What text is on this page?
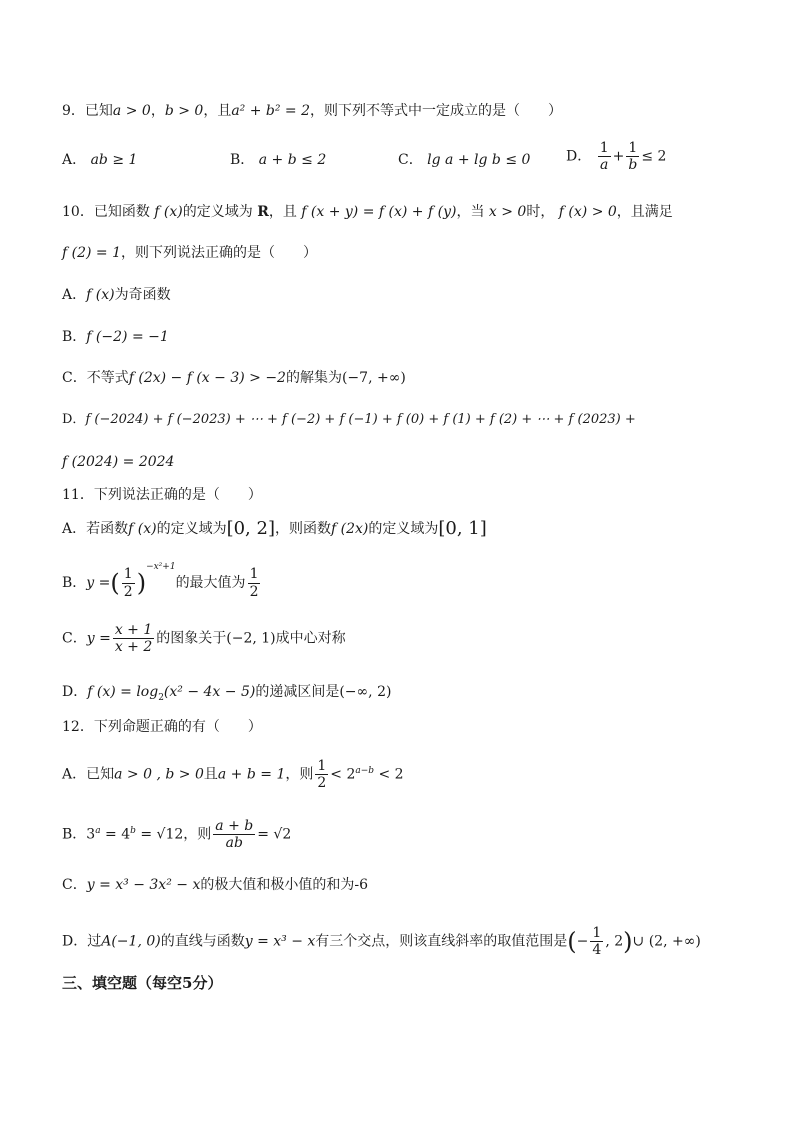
9．已知a > 0，b > 0，且a² + b² = 2，则下列不等式中一定成立的是（　　）
A． ab ≥ 1	B． a + b ≤ 2	C． lg a + lg b ≤ 0	D． $\frac{1}{a} + \frac{1}{b} \le 2$
10．已知函数 f (x)的定义域为 R，且 f (x + y) = f (x) + f (y)，当 x > 0时， f (x) > 0，且满足
f (2) = 1，则下列说法正确的是（　　）
A．f (x)为奇函数
B．f (−2) = −1
C．不等式f (2x) − f (x − 3) > −2的解集为(−7, +∞)
D．f (−2024) + f (−2023) + ⋯ + f (−2) + f (−1) + f (0) + f (1) + f (2) + ⋯ + f (2023) +
f (2024) = 2024
11．下列说法正确的是（　　）
A．若函数f (x)的定义域为[0, 2]，则函数f (2x)的定义域为[0, 1]
B．y =( $\frac{1}{2} )^{-x^2+1}$的最大值为 $\frac{1}{2}$
C．$y = \frac{x + 1}{x + 2}$ 的图象关于(−2, 1)成中心对称
D．f $(x) = \log_2(x^2 - 4x - 5)$的递减区间是(−∞, 2)
12．下列命题正确的有（　　）
A．已知a > 0 , b > 0且a + b = 1，则 $\frac{1}{2} < 2^{a-b} < 2$
B．$3^a = 4^b = √12$，则 $\frac{a + b}{ab} = √2$
C．y = x³ − 3x² − x的极大值和极小值的和为-6
D．过A(−1, 0)的直线与函数y = x³ − x有三个交点，则该直线斜率的取值范围是(− $\frac{1}{4}$ , 2)∪ (2, +∞)
三、填空题（每空5分）
